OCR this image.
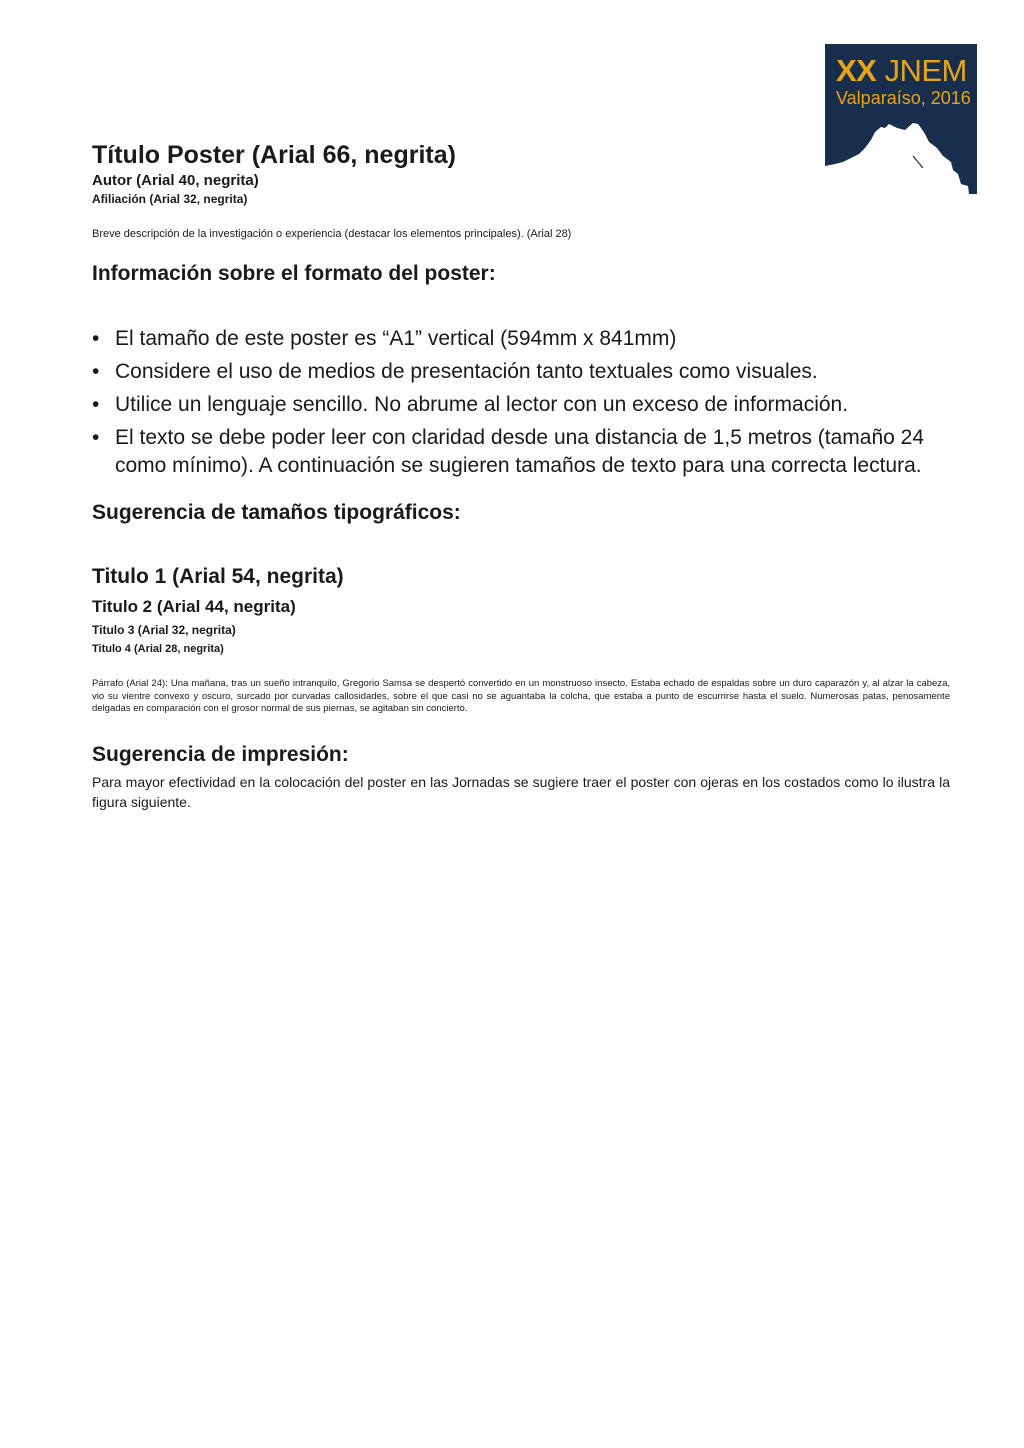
XX JNEM
Valparaíso, 2016
Título Poster (Arial 66, negrita)
Autor (Arial 40, negrita)
Afiliación (Arial 32, negrita)
Breve descripción de la investigación o experiencia (destacar los elementos principales). (Arial 28)
Información sobre el formato del poster:
• El tamaño de este poster es “A1” vertical (594mm x 841mm)
• Considere el uso de medios de presentación tanto textuales como visuales.
• Utilice un lenguaje sencillo. No abrume al lector con un exceso de información.
• El texto se debe poder leer con claridad desde una distancia de 1,5 metros (tamaño 24 como mínimo). A continuación se sugieren tamaños de texto para una correcta lectura.
Sugerencia de tamaños tipográficos:
Titulo 1 (Arial 54, negrita)
Titulo 2 (Arial 44, negrita)
Titulo 3 (Arial 32, negrita)
Titulo 4 (Arial 28, negrita)
Párrafo (Arial 24): Una mañana, tras un sueño intranquilo, Gregorio Samsa se despertó convertido en un monstruoso insecto. Estaba echado de espaldas sobre un duro caparazón y, al alzar la cabeza, vio su vientre convexo y oscuro, surcado por curvadas callosidades, sobre el que casi no se aguantaba la colcha, que estaba a punto de escurrirse hasta el suelo. Numerosas patas, penosamente delgadas en comparación con el grosor normal de sus piernas, se agitaban sin concierto.
Sugerencia de impresión:
Para mayor efectividad en la colocación del poster en las Jornadas se sugiere traer el poster con ojeras en los costados como lo ilustra la figura siguiente.
